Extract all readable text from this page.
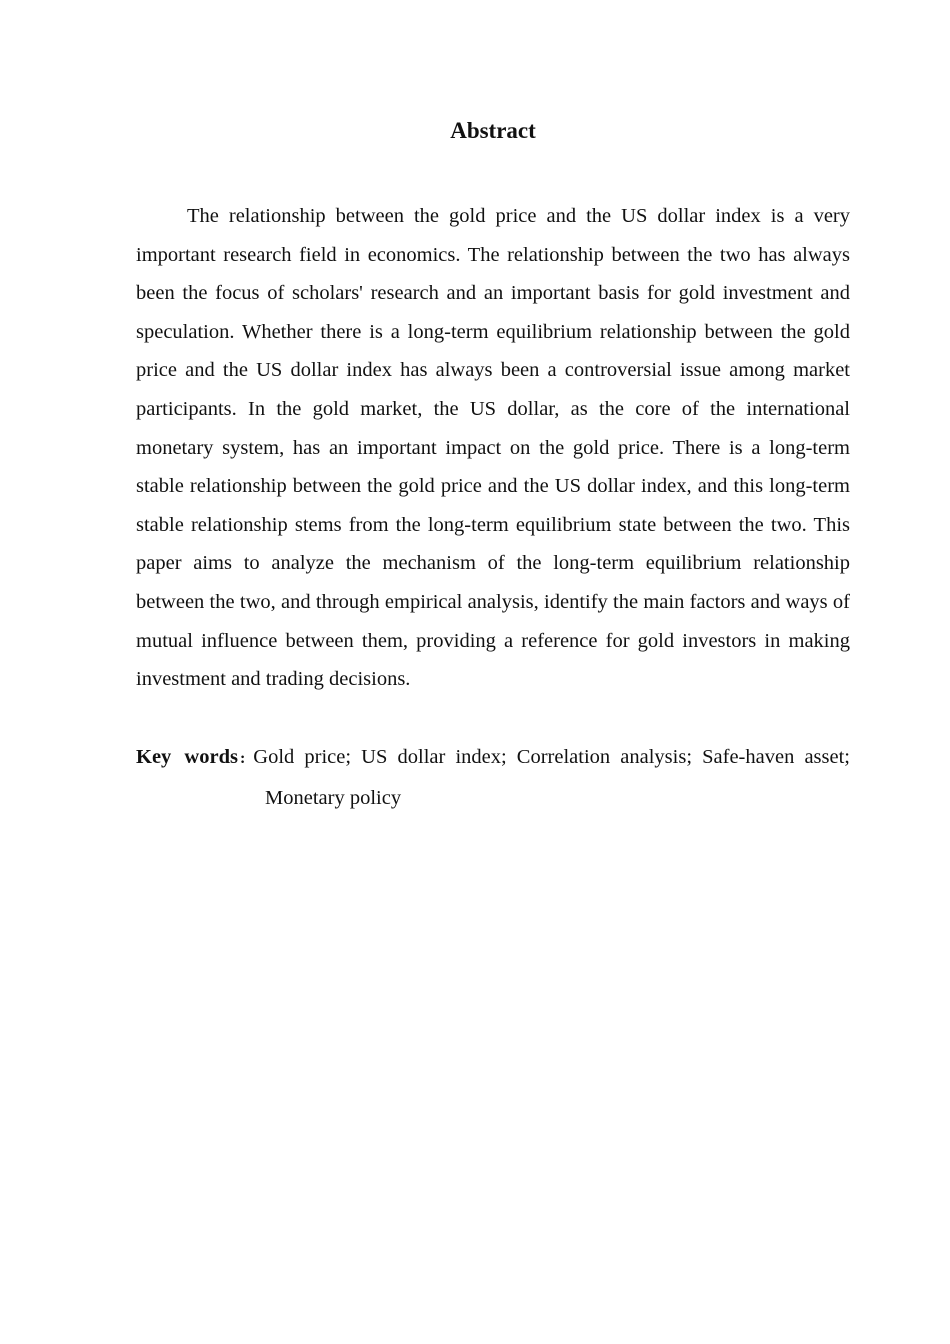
Abstract

The relationship between the gold price and the US dollar index is a very important research field in economics. The relationship between the two has always been the focus of scholars' research and an important basis for gold investment and speculation. Whether there is a long-term equilibrium relationship between the gold price and the US dollar index has always been a controversial issue among market participants. In the gold market, the US dollar, as the core of the international monetary system, has an important impact on the gold price. There is a long-term stable relationship between the gold price and the US dollar index, and this long-term stable relationship stems from the long-term equilibrium state between the two. This paper aims to analyze the mechanism of the long-term equilibrium relationship between the two, and through empirical analysis, identify the main factors and ways of mutual influence between them, providing a reference for gold investors in making investment and trading decisions.

Key words : Gold price; US dollar index; Correlation analysis; Safe-haven asset; Monetary policy
